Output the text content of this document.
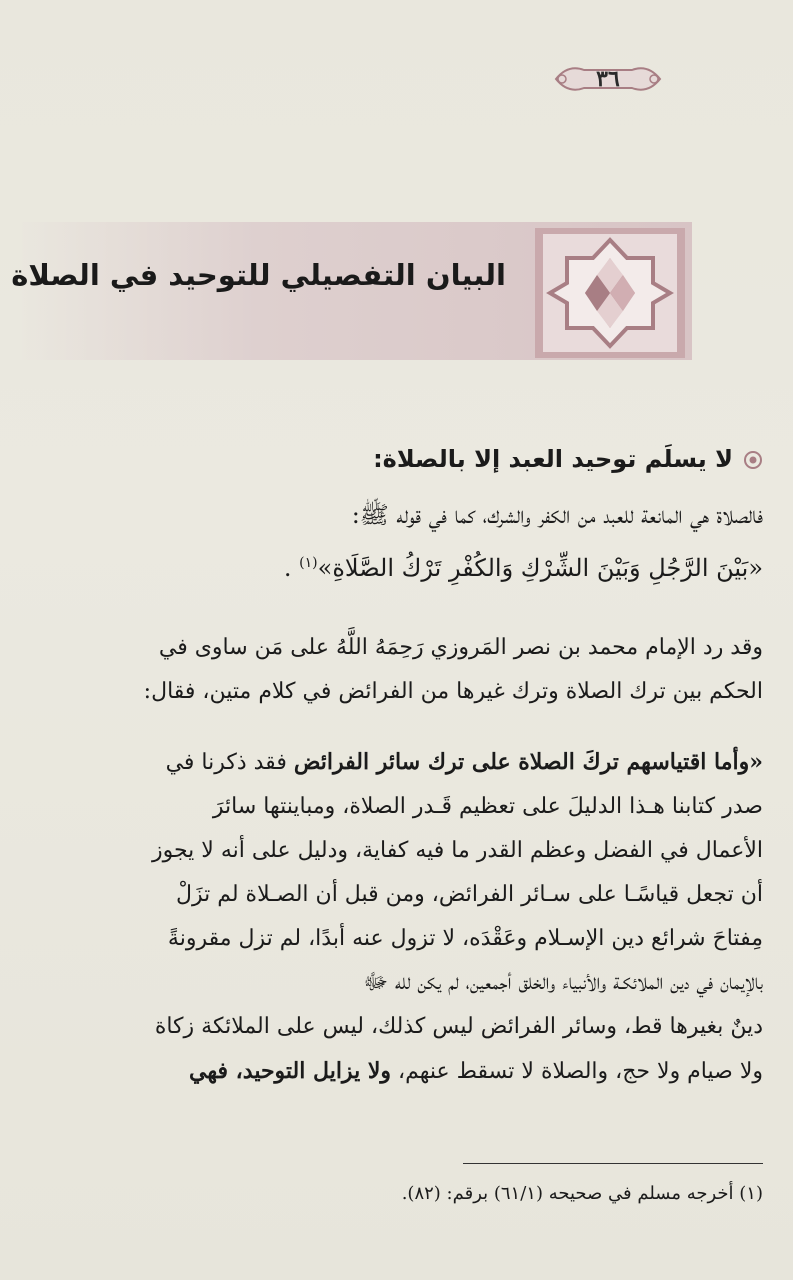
٣٦
البيان التفصيلي للتوحيد في الصلاة
لا يسلَم توحيد العبد إلا بالصلاة:
فالصلاة هي المانعة للعبد من الكفر والشرك، كما في قوله ﷺ:
«بَيْنَ الرَّجُلِ وَبَيْنَ الشِّرْكِ وَالكُفْرِ تَرْكُ الصَّلَاةِ»$^{(١)}$ .

وقد رد الإمام محمد بن نصر المَروزي رَحِمَهُ اللَّهُ على مَن ساوى في

الحكم بين ترك الصلاة وترك غيرها من الفرائض في كلام متين، فقال:

«وأما اقتياسهم تركَ الصلاة على ترك سائر الفرائض فقد ذكرنا في

صدر كتابنا هـذا الدليلَ على تعظيم قَـدر الصلاة، ومباينتها سائرَ

الأعمال في الفضل وعظم القدر ما فيه كفاية، ودليل على أنه لا يجوز

أن تجعل قياسًـا على سـائر الفرائض، ومن قبل أن الصـلاة لم تزَلْ

مِفتاحَ شرائع دين الإسـلام وعَقْدَه، لا تزول عنه أبدًا، لم تزل مقرونةً

بالإيمان في دين الملائكـة والأنبياء والخلق أجمعين، لم يكن لله ﷻ

دينٌ بغيرها قط، وسائر الفرائض ليس كذلك، ليس على الملائكة زكاة

ولا صيام ولا حج، والصلاة لا تسقط عنهم، ولا يزايل التوحيد، فهي

(١) أخرجه مسلم في صحيحه (٦١/١) برقم: (٨٢).
